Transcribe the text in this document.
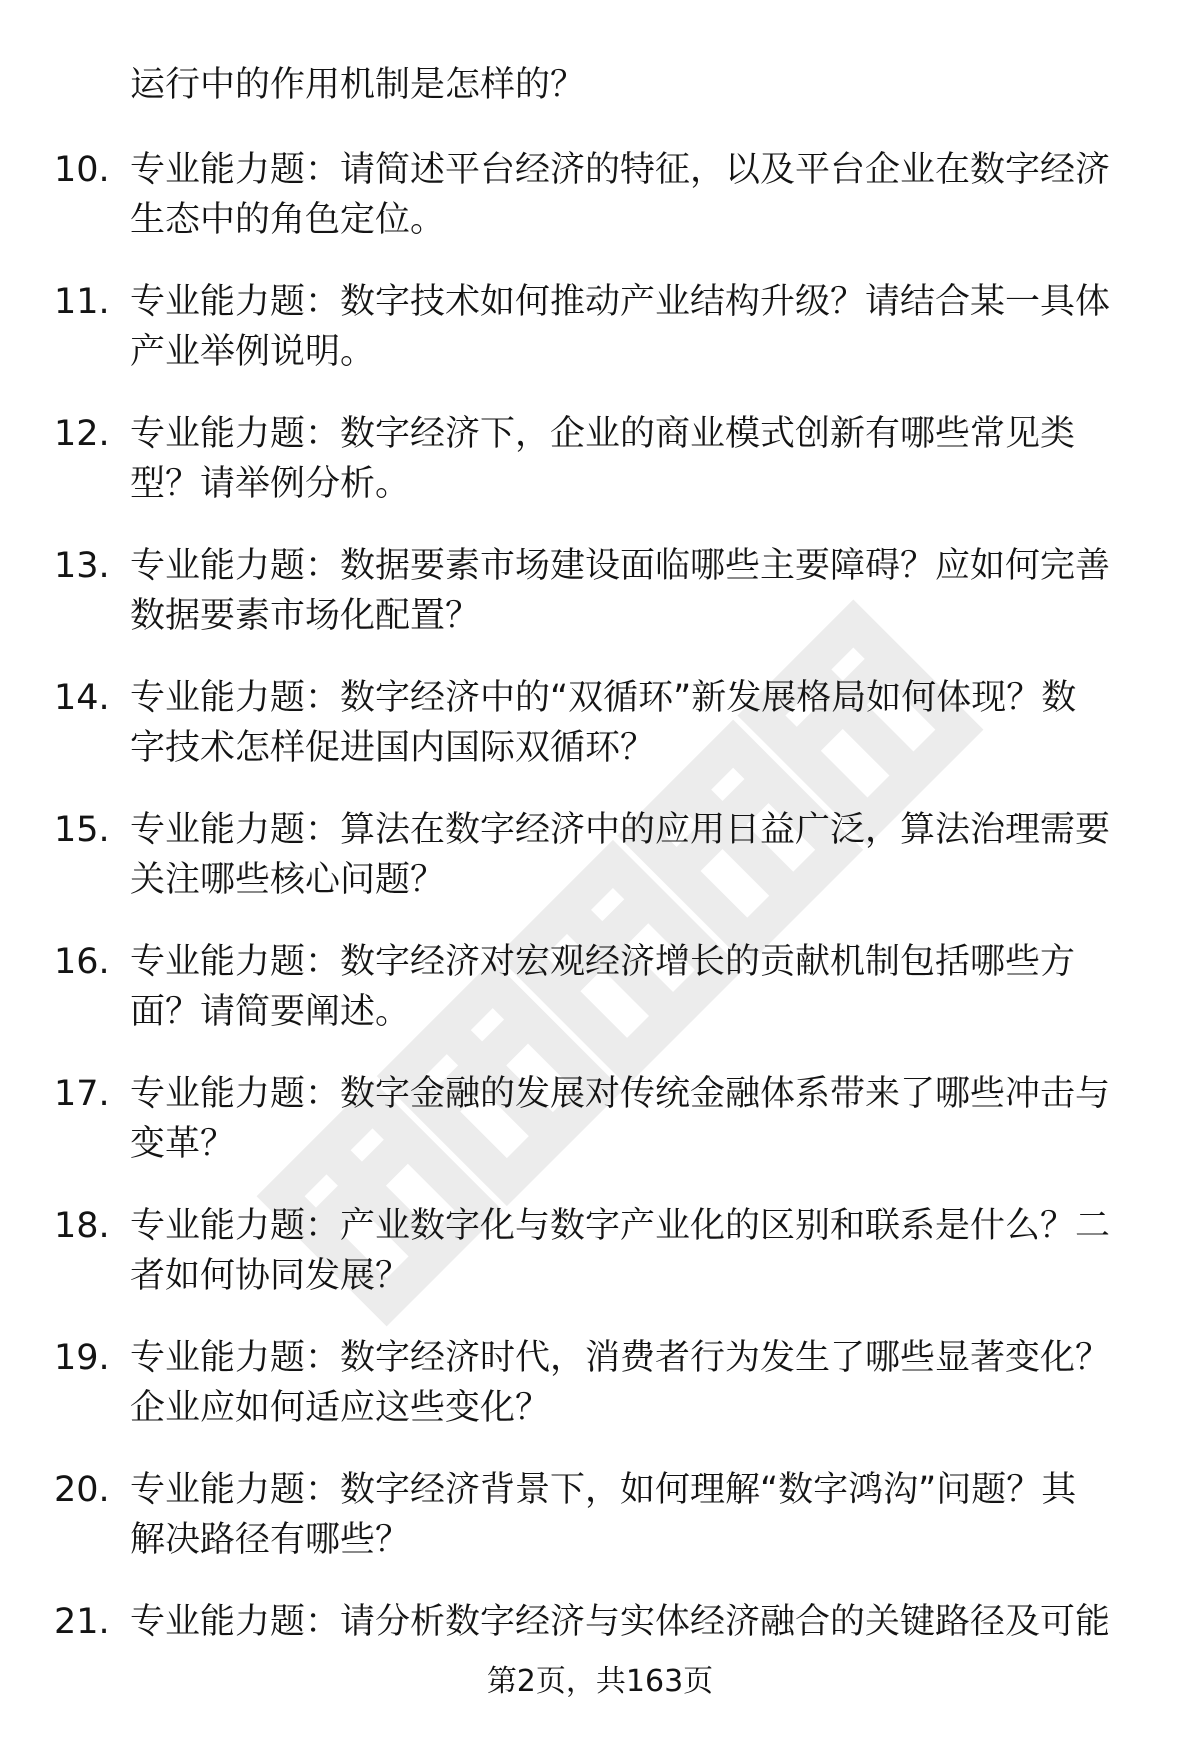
运行中的作用机制是怎样的？
10. 专业能力题：请简述平台经济的特征，以及平台企业在数字经济
生态中的角色定位。
11. 专业能力题：数字技术如何推动产业结构升级？请结合某一具体
产业举例说明。
12. 专业能力题：数字经济下，企业的商业模式创新有哪些常见类
型？请举例分析。
13. 专业能力题：数据要素市场建设面临哪些主要障碍？应如何完善
数据要素市场化配置？
14. 专业能力题：数字经济中的“双循环”新发展格局如何体现？数
字技术怎样促进国内国际双循环？
15. 专业能力题：算法在数字经济中的应用日益广泛，算法治理需要
关注哪些核心问题？
16. 专业能力题：数字经济对宏观经济增长的贡献机制包括哪些方
面？请简要阐述。
17. 专业能力题：数字金融的发展对传统金融体系带来了哪些冲击与
变革？
18. 专业能力题：产业数字化与数字产业化的区别和联系是什么？二
者如何协同发展？
19. 专业能力题：数字经济时代，消费者行为发生了哪些显著变化？
企业应如何适应这些变化？
20. 专业能力题：数字经济背景下，如何理解“数字鸿沟”问题？其
解决路径有哪些？
21. 专业能力题：请分析数字经济与实体经济融合的关键路径及可能
第2页，共163页
